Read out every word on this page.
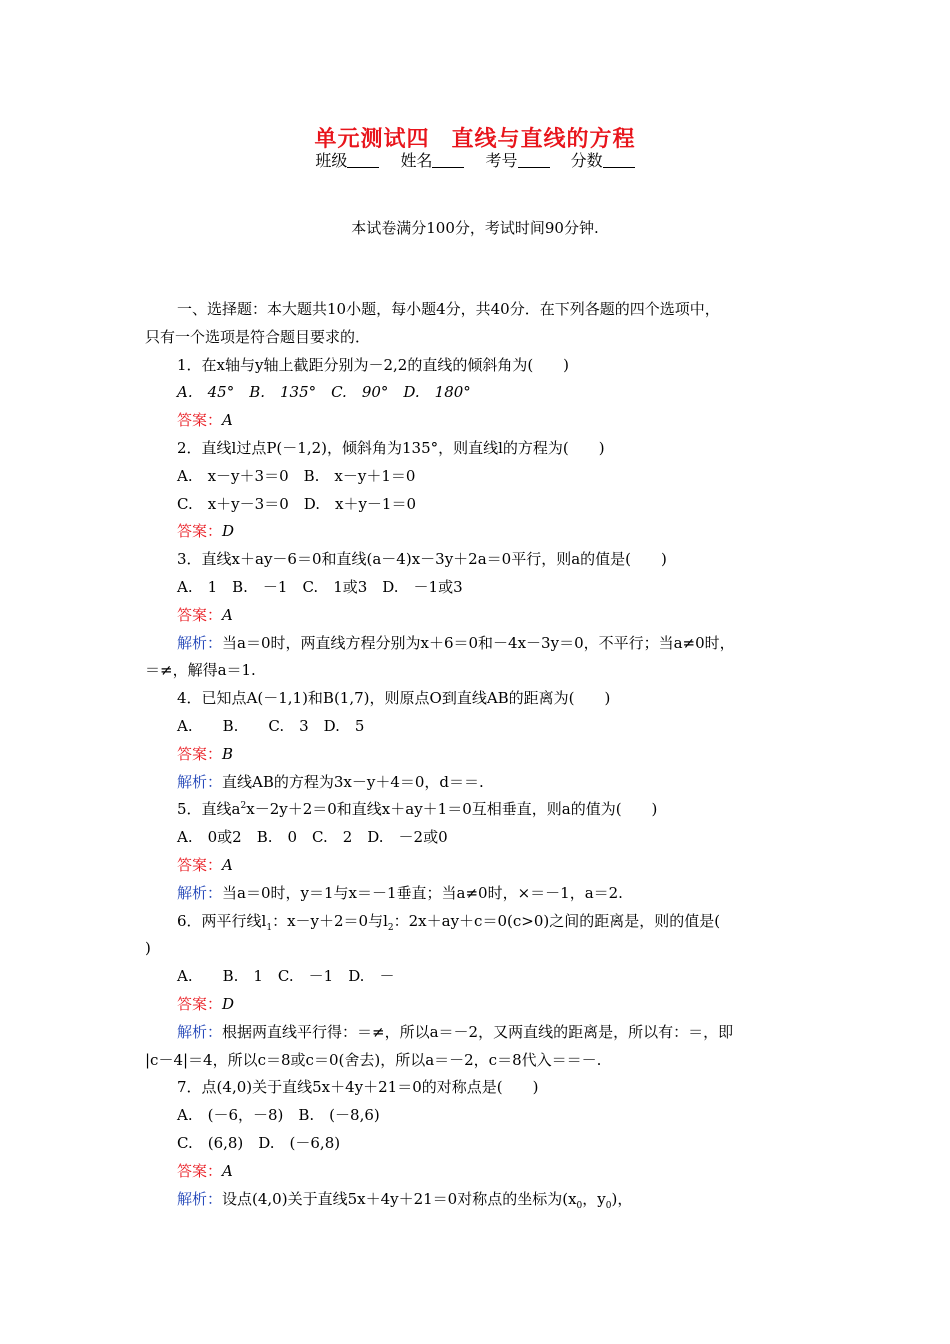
单元测试四 直线与直线的方程
班级	姓名	考号	分数
本试卷满分100分，考试时间90分钟.
一、选择题：本大题共10小题，每小题4分，共40分．在下列各题的四个选项中，
只有一个选项是符合题目要求的．
1．在x轴与y轴上截距分别为－2,2的直线的倾斜角为(　　)
A.　45°　B.　135°　C.　90°　D.　180°
答案：A
2．直线l过点P(－1,2)，倾斜角为135°，则直线l的方程为(　　)
A.　x－y＋3＝0　B.　x－y＋1＝0
C.　x＋y－3＝0　D.　x＋y－1＝0
答案：D
3．直线x＋ay－6＝0和直线(a－4)x－3y＋2a＝0平行，则a的值是(　　)
A.　1　B.　－1　C.　1或3　D.　－1或3
答案：A
解析：当a＝0时，两直线方程分别为x＋6＝0和－4x－3y＝0，不平行；当a≠0时，
＝≠，解得a＝1.
4．已知点A(－1,1)和B(1,7)，则原点O到直线AB的距离为(　　)
A.　　B.　　C.　3　D.　5
答案：B
解析：直线AB的方程为3x－y＋4＝0，d＝＝.
5．直线$a^2x-2y+2=0$和直线x＋ay＋1＝0互相垂直，则a的值为(　　)
A.　0或2　B.　0　C.　2　D.　－2或0
答案：A
解析：当a＝0时，y＝1与x＝－1垂直；当a≠0时，×＝－1，a＝2.
6．两平行线$l_1$：x－y＋2＝0与$l_2$：2x＋ay＋c＝0(c>0)之间的距离是，则的值是(
)
A.　　B.　1　C.　－1　D.　－
答案：D
解析：根据两直线平行得：＝≠，所以a＝－2，又两直线的距离是，所以有：＝，即
|c－4|＝4，所以c＝8或c＝0(舍去)，所以a＝－2，c＝8代入＝＝－.
7．点(4,0)关于直线5x＋4y＋21＝0的对称点是(　　)
A.　(－6，－8)　B.　(－8,6)
C.　(6,8)　D.　(－6,8)
答案：A
解析：设点(4,0)关于直线5x＋4y＋21＝0对称点的坐标为($x_0$，$y_0$)，
